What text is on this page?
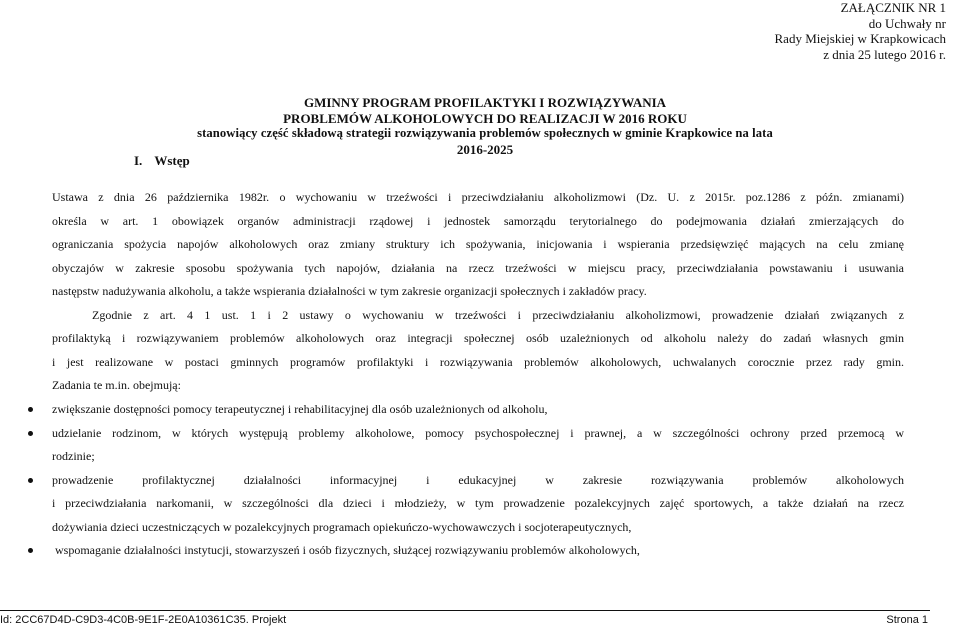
ZAŁĄCZNIK NR 1
do Uchwały nr
Rady Miejskiej w Krapkowicach
z dnia 25 lutego 2016 r.
GMINNY PROGRAM PROFILAKTYKI I ROZWIĄZYWANIA
PROBLEMÓW ALKOHOLOWYCH DO REALIZACJI W 2016 ROKU
stanowiący część składową strategii rozwiązywania problemów społecznych w gminie Krapkowice na lata
2016-2025
I. Wstęp
Ustawa z dnia 26 października 1982r. o wychowaniu w trzeźwości i przeciwdziałaniu alkoholizmowi (Dz. U. z 2015r. poz.1286 z późn. zmianami)
określa w art. 1 obowiązek organów administracji rządowej i jednostek samorządu terytorialnego do podejmowania działań zmierzających do
ograniczania spożycia napojów alkoholowych oraz zmiany struktury ich spożywania, inicjowania i wspierania przedsięwzięć mających na celu zmianę
obyczajów w zakresie sposobu spożywania tych napojów, działania na rzecz trzeźwości w miejscu pracy, przeciwdziałania powstawaniu i usuwania
następstw nadużywania alkoholu, a także wspierania działalności w tym zakresie organizacji społecznych i zakładów pracy.
Zgodnie z art. 4 1 ust. 1 i 2 ustawy o wychowaniu w trzeźwości i przeciwdziałaniu alkoholizmowi, prowadzenie działań związanych z
profilaktyką i rozwiązywaniem problemów alkoholowych oraz integracji społecznej osób uzależnionych od alkoholu należy do zadań własnych gmin
i jest realizowane w postaci gminnych programów profilaktyki i rozwiązywania problemów alkoholowych, uchwalanych corocznie przez rady gmin.
Zadania te m.in. obejmują:
zwiększanie dostępności pomocy terapeutycznej i rehabilitacyjnej dla osób uzależnionych od alkoholu,
udzielanie rodzinom, w których występują problemy alkoholowe, pomocy psychospołecznej i prawnej, a w szczególności ochrony przed przemocą w
rodzinie;
prowadzenie profilaktycznej działalności informacyjnej i edukacyjnej w zakresie rozwiązywania problemów alkoholowych
i przeciwdziałania narkomanii, w szczególności dla dzieci i młodzieży, w tym prowadzenie pozalekcyjnych zajęć sportowych, a także działań na rzecz
dożywiania dzieci uczestniczących w pozalekcyjnych programach opiekuńczo-wychowawczych i socjoterapeutycznych,
wspomaganie działalności instytucji, stowarzyszeń i osób fizycznych, służącej rozwiązywaniu problemów alkoholowych,
Id: 2CC67D4D-C9D3-4C0B-9E1F-2E0A10361C35. Projekt	Strona 1
